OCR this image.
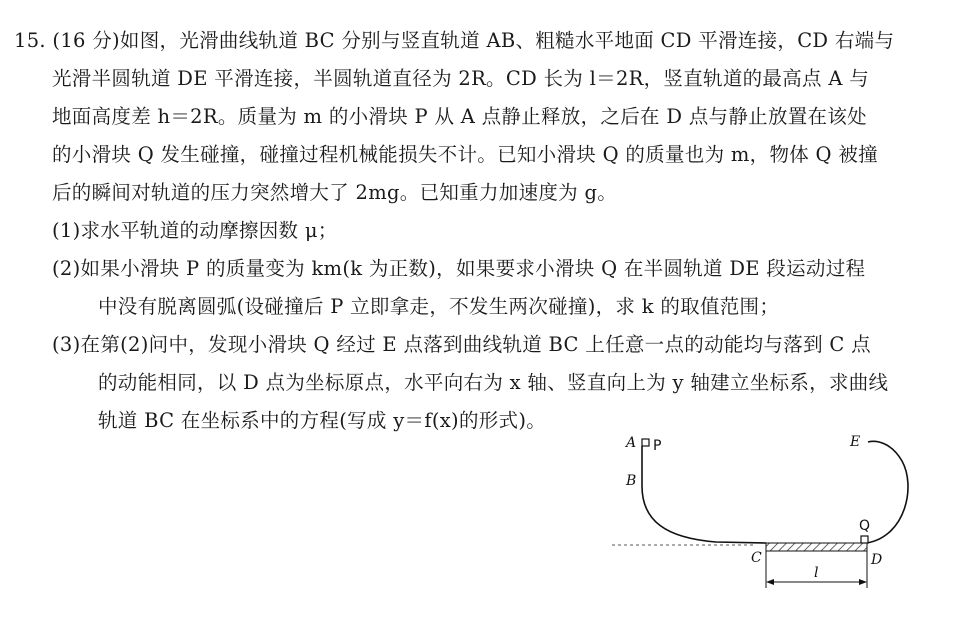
15. (16 分)如图，光滑曲线轨道 BC 分别与竖直轨道 AB、粗糙水平地面 CD 平滑连接，CD 右端与
光滑半圆轨道 DE 平滑连接，半圆轨道直径为 2R。CD 长为 l＝2R，竖直轨道的最高点 A 与
地面高度差 h＝2R。质量为 m 的小滑块 P 从 A 点静止释放，之后在 D 点与静止放置在该处
的小滑块 Q 发生碰撞，碰撞过程机械能损失不计。已知小滑块 Q 的质量也为 m，物体 Q 被撞
后的瞬间对轨道的压力突然增大了 2mg。已知重力加速度为 g。
(1)求水平轨道的动摩擦因数 μ；
(2)如果小滑块 P 的质量变为 km(k 为正数)，如果要求小滑块 Q 在半圆轨道 DE 段运动过程
中没有脱离圆弧(设碰撞后 P 立即拿走，不发生两次碰撞)，求 k 的取值范围；
(3)在第(2)问中，发现小滑块 Q 经过 E 点落到曲线轨道 BC 上任意一点的动能均与落到 C 点
的动能相同，以 D 点为坐标原点，水平向右为 x 轴、竖直向上为 y 轴建立坐标系，求曲线
轨道 BC 在坐标系中的方程(写成 y＝f(x)的形式)。
A P
B
C	D
E
Q
l
